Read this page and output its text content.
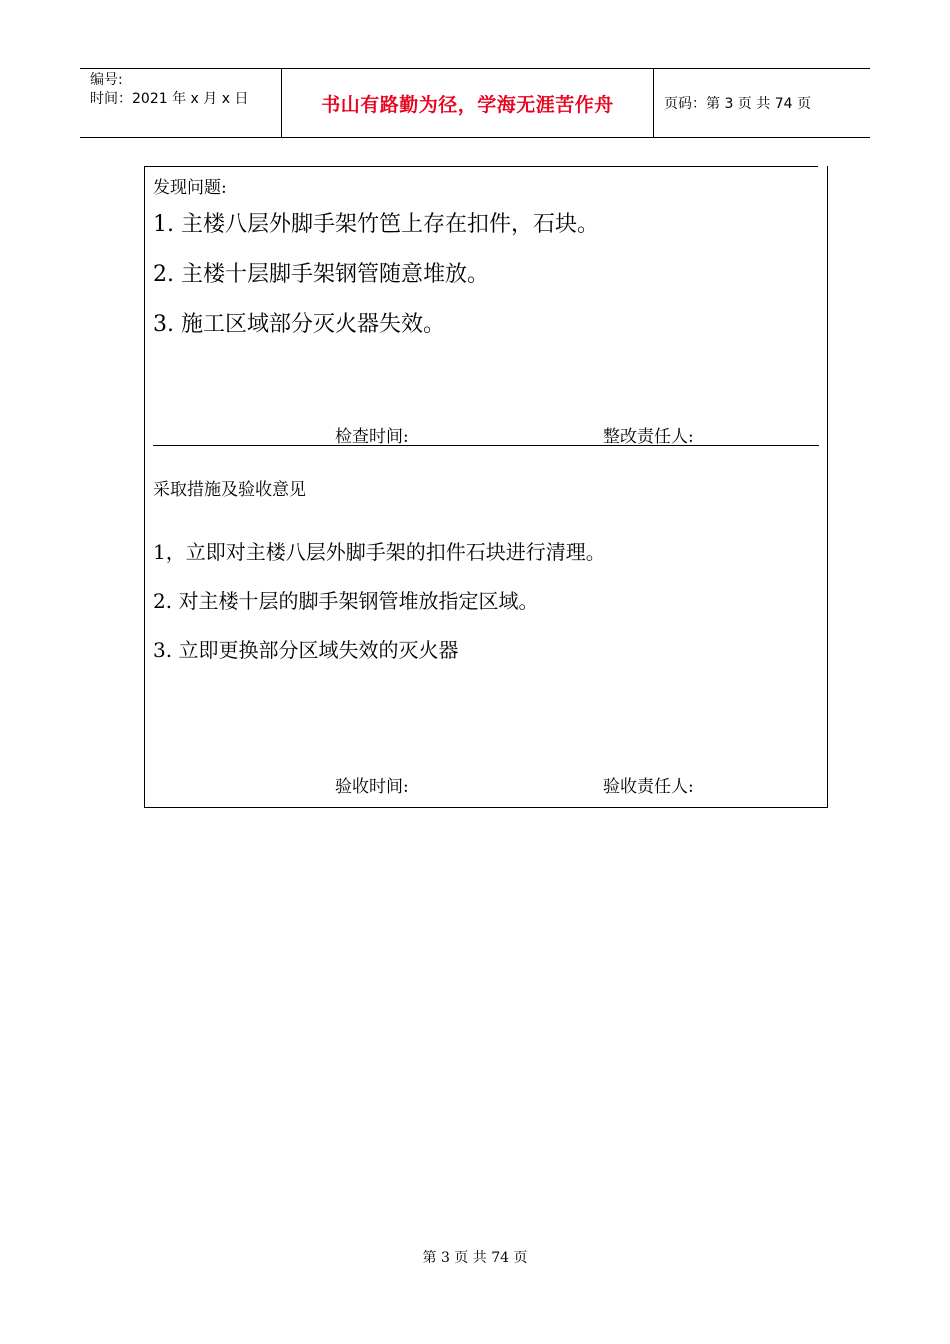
编号:

时间：2021 年 x 月 x 日	书山有路勤为径，学海无涯苦作舟	页码：第 3 页 共 74 页
发现问题:
1. 主楼八层外脚手架竹笆上存在扣件，石块。
2. 主楼十层脚手架钢管随意堆放。
3. 施工区域部分灭火器失效。
检查时间:	整改责任人:
采取措施及验收意见
1，立即对主楼八层外脚手架的扣件石块进行清理。
2. 对主楼十层的脚手架钢管堆放指定区域。
3. 立即更换部分区域失效的灭火器
验收时间:	验收责任人:
第 3 页 共 74 页
